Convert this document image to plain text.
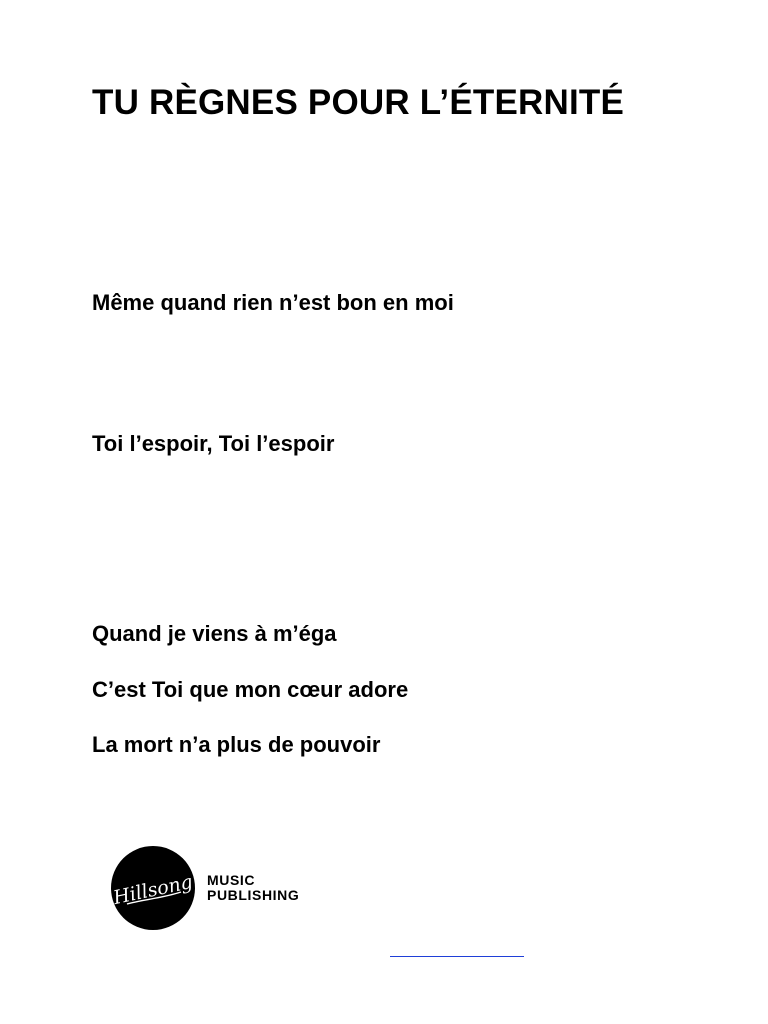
TU RÈGNES POUR L’ÉTERNITÉ

Même quand rien n’est bon en moi

Toi l’espoir, Toi l’espoir

Quand je viens à m’éga

C’est Toi que mon cœur adore

La mort n’a plus de pouvoir

Hillsong MUSIC
PUBLISHING
